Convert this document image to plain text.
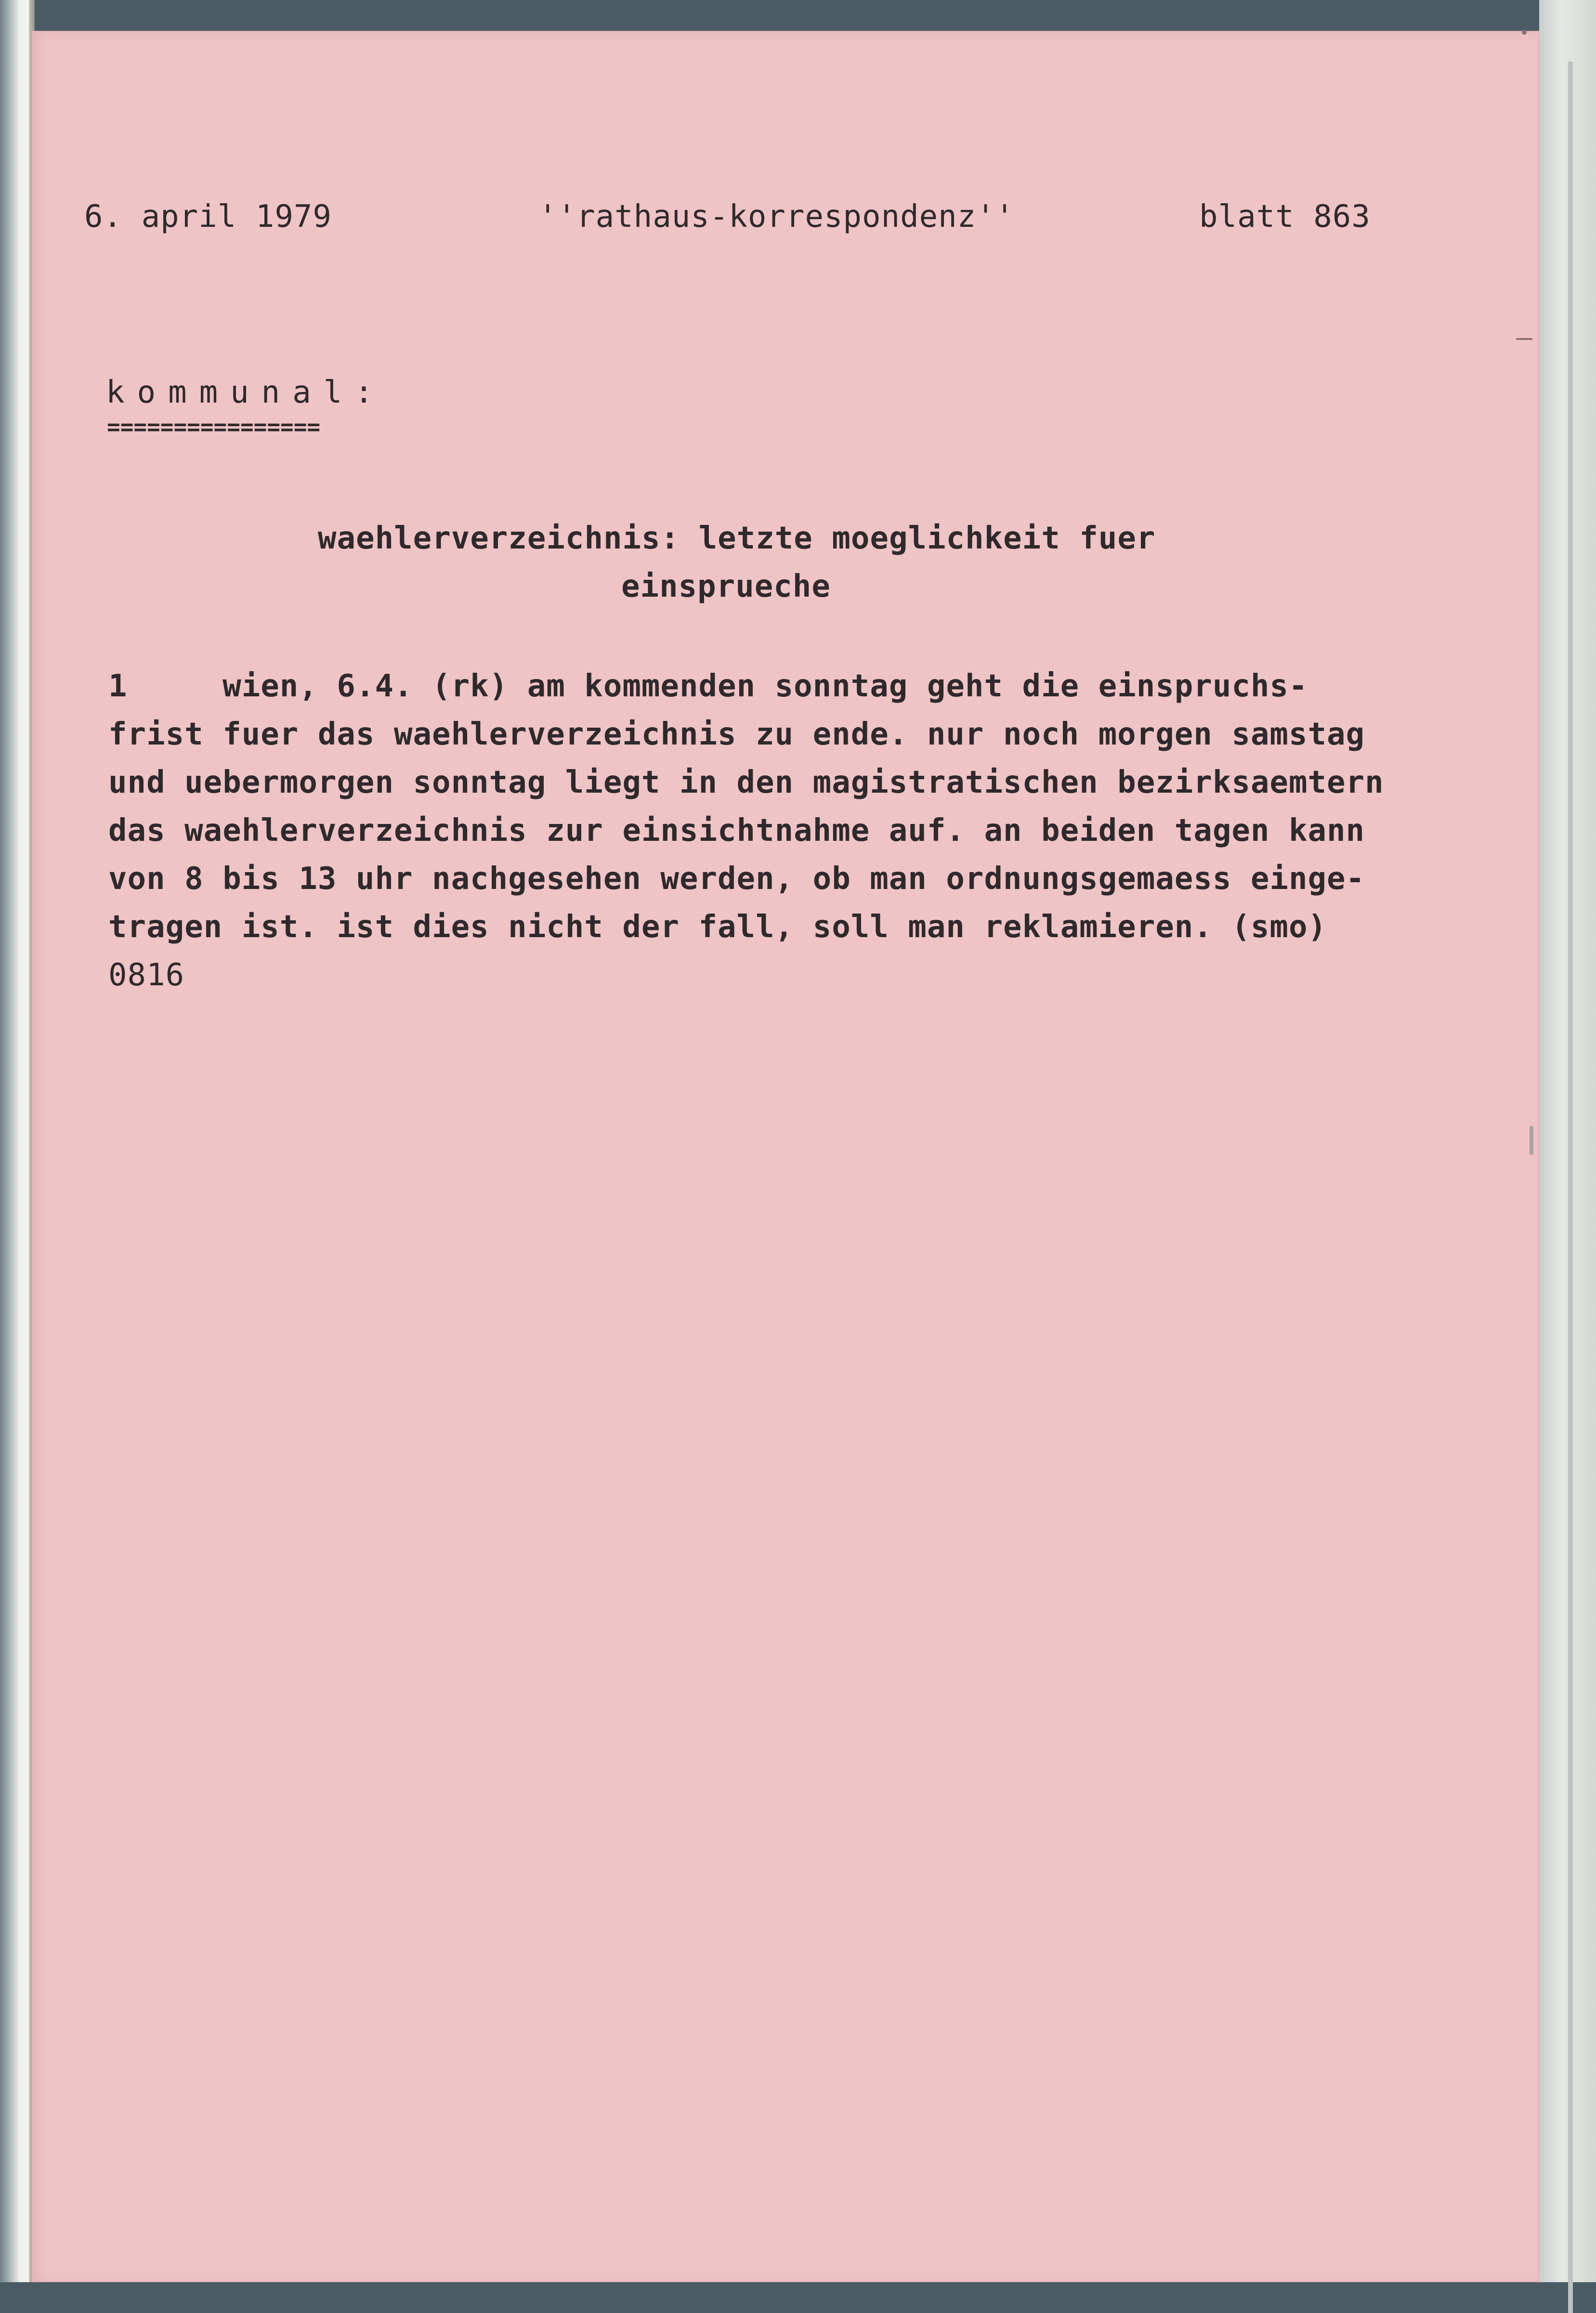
6. april 1979	''rathaus-korrespondenz''	blatt 863

kommunal:

================

waehlerverzeichnis: letzte moeglichkeit fuer

einsprueche

1     wien, 6.4. (rk) am kommenden sonntag geht die einspruchs-

frist fuer das waehlerverzeichnis zu ende. nur noch morgen samstag

und uebermorgen sonntag liegt in den magistratischen bezirksaemtern

das waehlerverzeichnis zur einsichtnahme auf. an beiden tagen kann

von 8 bis 13 uhr nachgesehen werden, ob man ordnungsgemaess einge-

tragen ist. ist dies nicht der fall, soll man reklamieren. (smo)

0816
